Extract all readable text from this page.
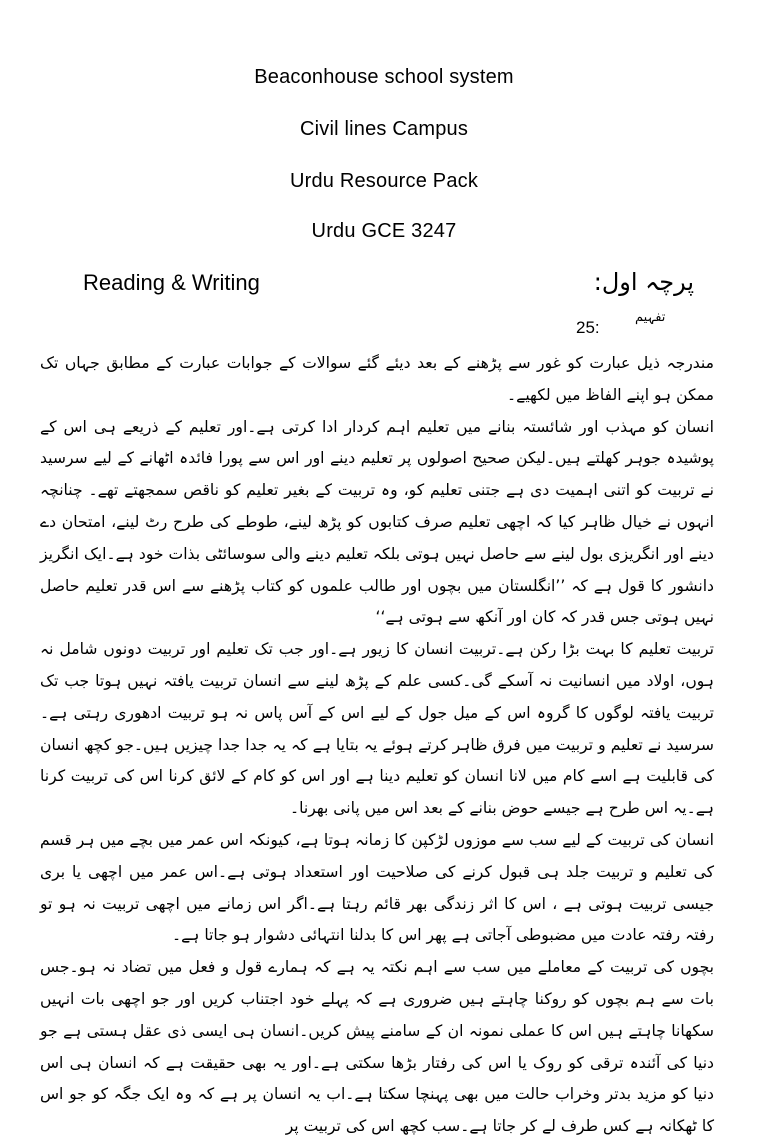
Beaconhouse school system
Civil lines Campus
Urdu Resource Pack
Urdu GCE 3247
Reading & Writing	پرچہ اول:
25:
تفہیم

مندرجہ ذیل عبارت کو غور سے پڑھنے کے بعد دیئے گئے سوالات کے جوابات عبارت کے مطابق جہاں تک ممکن ہو اپنے الفاظ میں لکھیے۔

انسان کو مہذب اور شائستہ بنانے میں تعلیم اہم کردار ادا کرتی ہے۔اور تعلیم کے ذریعے ہی اس کے پوشیدہ جوہر کھلتے ہیں۔لیکن صحیح اصولوں پر تعلیم دینے اور اس سے پورا فائدہ اٹھانے کے لیے سرسید نے تربیت کو اتنی اہمیت دی ہے جتنی تعلیم کو، وہ تربیت کے بغیر تعلیم کو ناقص سمجھتے تھے۔ چنانچہ انہوں نے خیال ظاہر کیا کہ اچھی تعلیم صرف کتابوں کو پڑھ لینے، طوطے کی طرح رٹ لینے، امتحان دے دینے اور انگریزی بول لینے سے حاصل نہیں ہوتی بلکہ تعلیم دینے والی سوسائٹی بذات خود ہے۔ایک انگریز دانشور کا قول ہے کہ ’’انگلستان میں بچوں اور طالب علموں کو کتاب پڑھنے سے اس قدر تعلیم حاصل نہیں ہوتی جس قدر کہ کان اور آنکھ سے ہوتی ہے‘‘

تربیت تعلیم کا بہت بڑا رکن ہے۔تربیت انسان کا زیور ہے۔اور جب تک تعلیم اور تربیت دونوں شامل نہ ہوں، اولاد میں انسانیت نہ آسکے گی۔کسی علم کے پڑھ لینے سے انسان تربیت یافتہ نہیں ہوتا جب تک تربیت یافتہ لوگوں کا گروہ اس کے میل جول کے لیے اس کے آس پاس نہ ہو تربیت ادھوری رہتی ہے۔سرسید نے تعلیم و تربیت میں فرق ظاہر کرتے ہوئے یہ بتایا ہے کہ یہ جدا جدا چیزیں ہیں۔جو کچھ انسان کی قابلیت ہے اسے کام میں لانا انسان کو تعلیم دینا ہے اور اس کو کام کے لائق کرنا اس کی تربیت کرنا ہے۔یہ اس طرح ہے جیسے حوض بنانے کے بعد اس میں پانی بھرنا۔

انسان کی تربیت کے لیے سب سے موزوں لڑکپن کا زمانہ ہوتا ہے، کیونکہ اس عمر میں بچے میں ہر قسم کی تعلیم و تربیت جلد ہی قبول کرنے کی صلاحیت اور استعداد ہوتی ہے۔اس عمر میں اچھی یا بری جیسی تربیت ہوتی ہے ، اس کا اثر زندگی بھر قائم رہتا ہے۔اگر اس زمانے میں اچھی تربیت نہ ہو تو رفتہ رفتہ عادت میں مضبوطی آجاتی ہے پھر اس کا بدلنا انتہائی دشوار ہو جاتا ہے۔

بچوں کی تربیت کے معاملے میں سب سے اہم نکتہ یہ ہے کہ ہمارے قول و فعل میں تضاد نہ ہو۔جس بات سے ہم بچوں کو روکنا چاہتے ہیں ضروری ہے کہ پہلے خود اجتناب کریں اور جو اچھی بات انہیں سکھانا چاہتے ہیں اس کا عملی نمونہ ان کے سامنے پیش کریں۔انسان ہی ایسی ذی عقل ہستی ہے جو دنیا کی آئندہ ترقی کو روک یا اس کی رفتار بڑھا سکتی ہے۔اور یہ بھی حقیقت ہے کہ انسان ہی اس دنیا کو مزید بدتر وخراب حالت میں بھی پہنچا سکتا ہے۔اب یہ انسان پر ہے کہ وہ ایک جگہ کو جو اس کا ٹھکانہ ہے کس طرف لے کر جاتا ہے۔سب کچھ اس کی تربیت پر
